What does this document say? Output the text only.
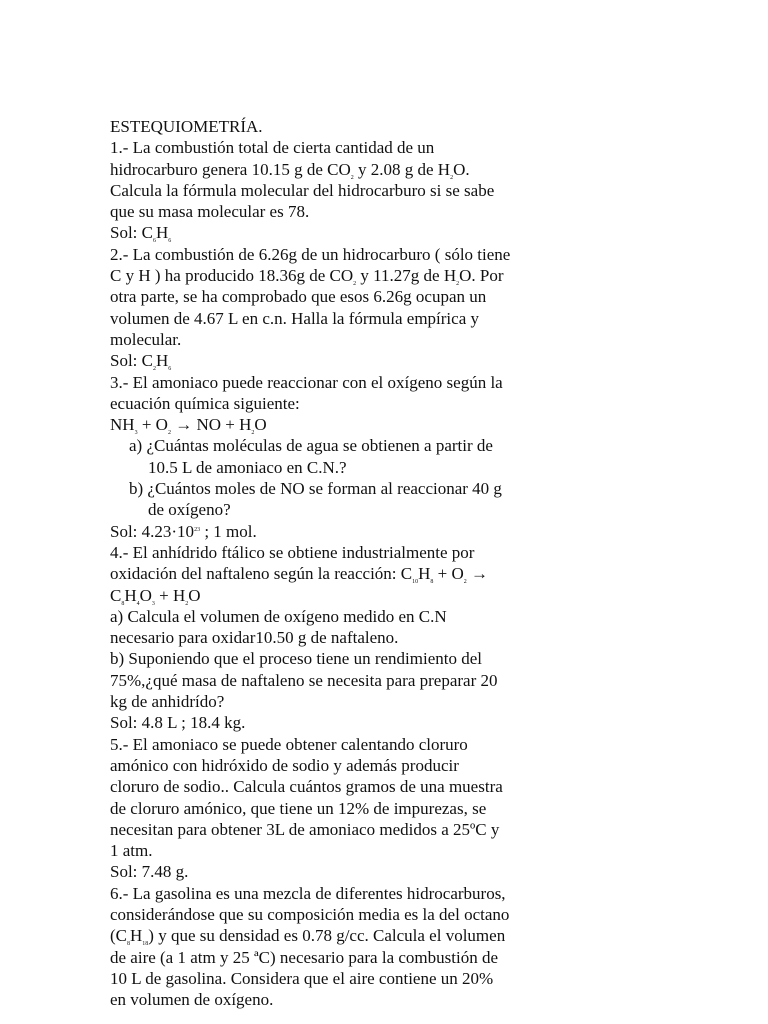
ESTEQUIOMETRÍA.
1.- La combustión total de cierta cantidad de un
hidrocarburo genera 10.15 g de $CO_2$ y 2.08 g de $H_2O$.
Calcula la fórmula molecular del hidrocarburo si se sabe
que su masa molecular es 78.
Sol: $C_6H_6$
2.- La combustión de 6.26g de un hidrocarburo ( sólo tiene
C y H ) ha producido 18.36g de $CO_2$ y 11.27g de $H_2O$. Por
otra parte, se ha comprobado que esos 6.26g ocupan un
volumen de 4.67 L en c.n. Halla la fórmula empírica y
molecular.
Sol: $C_2H_6$
3.- El amoniaco puede reaccionar con el oxígeno según la
ecuación química siguiente:
$NH_3 + O_2$ → NO + $H_2O$
a) ¿Cuántas moléculas de agua se obtienen a partir de
10.5 L de amoniaco en C.N.?
b) ¿Cuántos moles de NO se forman al reaccionar 40 g
de oxígeno?
Sol: $4.23\cdot 10^{23}$ ; 1 mol.
4.- El anhídrido ftálico se obtiene industrialmente por
oxidación del naftaleno según la reacción: $C_{10}H_8 + O_2$ →
$C_8H_4O_3 + H_2O$
a) Calcula el volumen de oxígeno medido en C.N
necesario para oxidar10.50 g de naftaleno.
b) Suponiendo que el proceso tiene un rendimiento del
75%,¿qué masa de naftaleno se necesita para preparar 20
kg de anhidrído?
Sol: 4.8 L ; 18.4 kg.
5.- El amoniaco se puede obtener calentando cloruro
amónico con hidróxido de sodio y además producir
cloruro de sodio.. Calcula cuántos gramos de una muestra
de cloruro amónico, que tiene un 12% de impurezas, se
necesitan para obtener 3L de amoniaco medidos a 25ºC y
1 atm.
Sol: 7.48 g.
6.- La gasolina es una mezcla de diferentes hidrocarburos,
considerándose que su composición media es la del octano
$(C_8H_{18})$ y que su densidad es 0.78 g/cc. Calcula el volumen
de aire (a 1 atm y 25 ªC) necesario para la combustión de
10 L de gasolina. Considera que el aire contiene un 20%
en volumen de oxígeno.
